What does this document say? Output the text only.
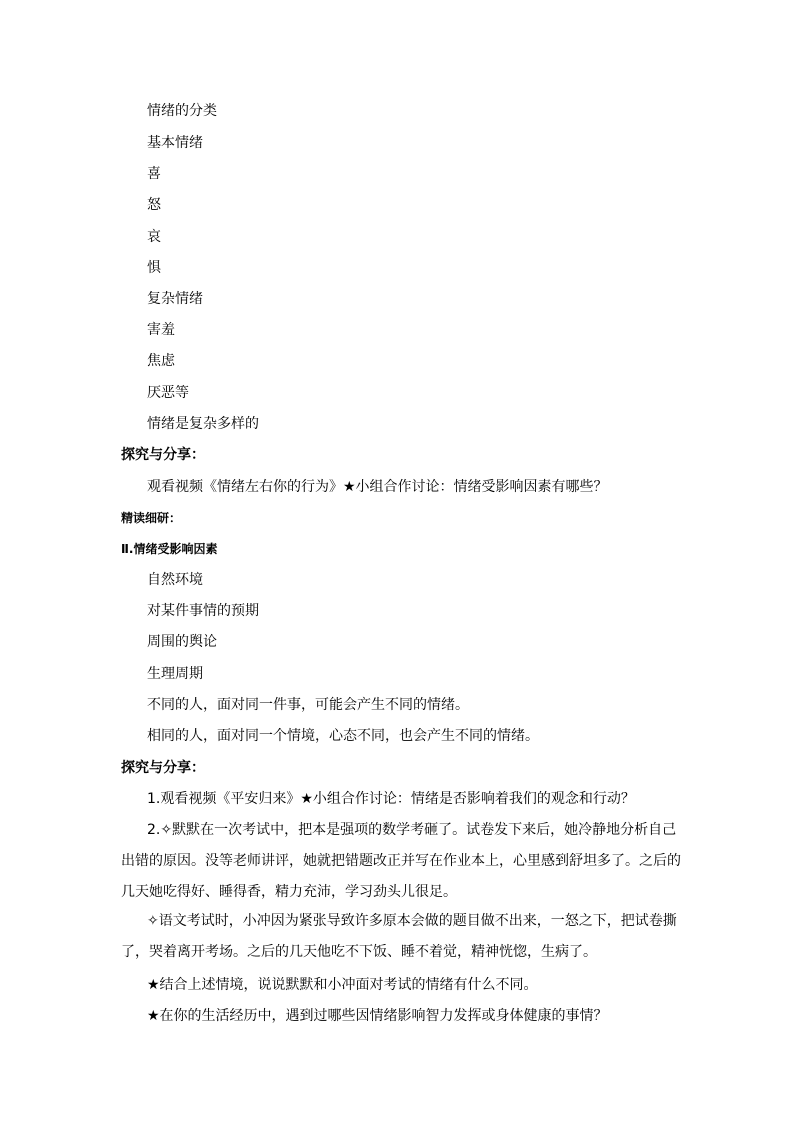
情绪的分类
基本情绪
喜
怒
哀
惧
复杂情绪
害羞
焦虑
厌恶等
情绪是复杂多样的
探究与分享：
观看视频《情绪左右你的行为》★小组合作讨论：情绪受影响因素有哪些？
精读细研：
Ⅱ.情绪受影响因素
自然环境
对某件事情的预期
周围的舆论
生理周期
不同的人，面对同一件事，可能会产生不同的情绪。
相同的人，面对同一个情境，心态不同，也会产生不同的情绪。
探究与分享：
1.观看视频《平安归来》★小组合作讨论：情绪是否影响着我们的观念和行动？
2.✧默默在一次考试中，把本是强项的数学考砸了。试卷发下来后，她冷静地分析自己出错的原因。没等老师讲评，她就把错题改正并写在作业本上，心里感到舒坦多了。之后的几天她吃得好、睡得香，精力充沛，学习劲头儿很足。
✧语文考试时，小冲因为紧张导致许多原本会做的题目做不出来，一怒之下，把试卷撕了，哭着离开考场。之后的几天他吃不下饭、睡不着觉，精神恍惚，生病了。
★结合上述情境，说说默默和小冲面对考试的情绪有什么不同。
★在你的生活经历中，遇到过哪些因情绪影响智力发挥或身体健康的事情？
